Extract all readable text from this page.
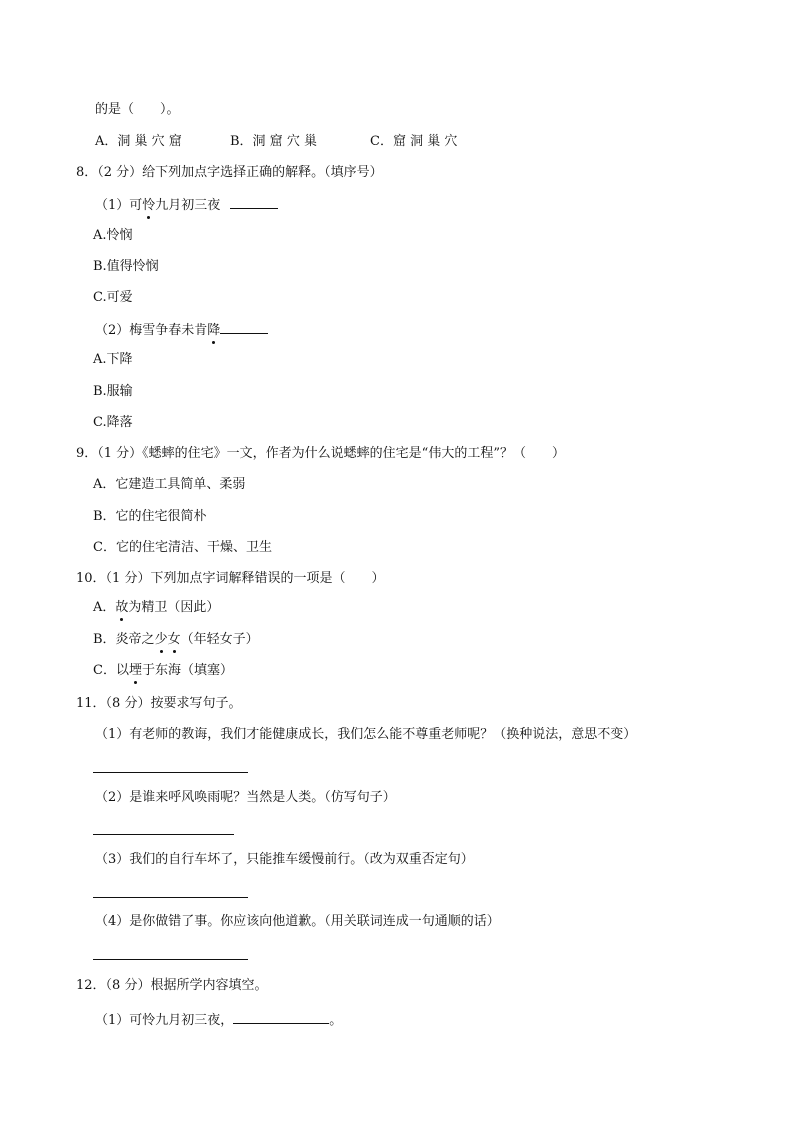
的是（　　）。
A．洞 巢 穴 窟	B．洞 窟 穴 巢	C．窟 洞 巢 穴
8．（2 分）给下列加点字选择正确的解释。（填序号）
（1）可怜九月初三夜
A.怜悯
B.值得怜悯
C.可爱
（2）梅雪争春未肯降
A.下降
B.服输
C.降落
9．（1 分）《蟋蟀的住宅》一文，作者为什么说蟋蟀的住宅是“伟大的工程”？（　　）
A．它建造工具简单、柔弱
B．它的住宅很简朴
C．它的住宅清洁、干燥、卫生
10．（1 分）下列加点字词解释错误的一项是（　　）
A．故为精卫（因此）
B．炎帝之少女（年轻女子）
C．以堙于东海（填塞）
11．（8 分）按要求写句子。
（1）有老师的教诲，我们才能健康成长，我们怎么能不尊重老师呢？（换种说法，意思不变）
（2）是谁来呼风唤雨呢？当然是人类。（仿写句子）
（3）我们的自行车坏了，只能推车缓慢前行。（改为双重否定句）
（4）是你做错了事。你应该向他道歉。（用关联词连成一句通顺的话）
12．（8 分）根据所学内容填空。
（1）可怜九月初三夜，	。
